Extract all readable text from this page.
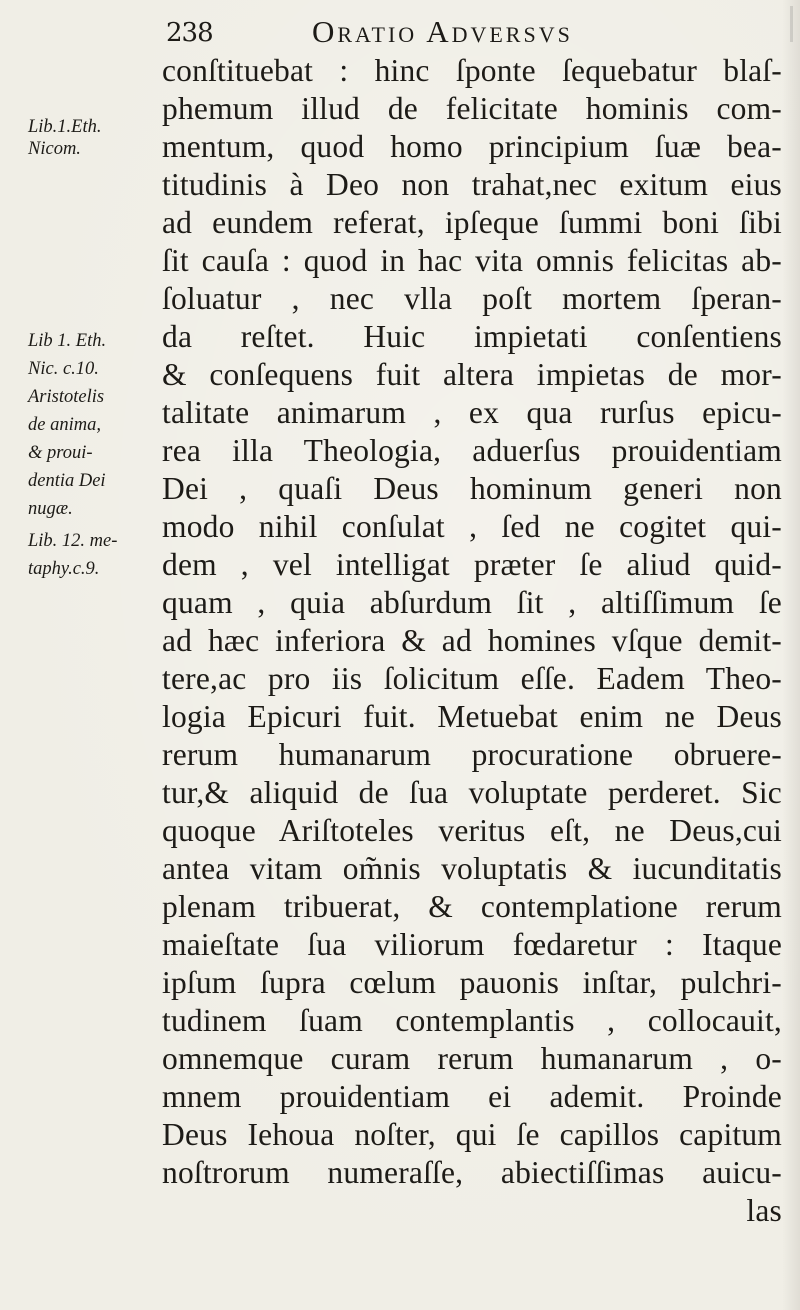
238	Oratio Adversvs
Lib.1.Eth.
Nicom.
Lib 1. Eth.
Nic. c.10.
Aristotelis
de anima,
& proui-
dentia Dei
nugæ.
Lib. 12. me-
taphy.c.9.
conſtituebat : hinc ſponte ſequebatur blaſ-
phemum illud de felicitate hominis com-
mentum, quod homo principium ſuæ bea-
titudinis à Deo non trahat,nec exitum eius
ad eundem referat, ipſeque ſummi boni ſibi
ſit cauſa : quod in hac vita omnis felicitas ab-
ſoluatur , nec vlla poſt mortem ſperan-
da reſtet. Huic impietati conſentiens
& conſequens fuit altera impietas de mor-
talitate animarum , ex qua rurſus epicu-
rea illa Theologia, aduerſus prouidentiam
Dei , quaſi Deus hominum generi non
modo nihil conſulat , ſed ne cogitet qui-
dem , vel intelligat præter ſe aliud quid-
quam , quia abſurdum ſit , altiſſimum ſe
ad hæc inferiora & ad homines vſque demit-
tere,ac pro iis ſolicitum eſſe. Eadem Theo-
logia Epicuri fuit. Metuebat enim ne Deus
rerum humanarum procuratione obruere-
tur,& aliquid de ſua voluptate perderet. Sic
quoque Ariſtoteles veritus eſt, ne Deus,cui
antea vitam om̃nis voluptatis & iucunditatis
plenam tribuerat, & contemplatione rerum
maieſtate ſua viliorum fœdaretur : Itaque
ipſum ſupra cœlum pauonis inſtar, pulchri-
tudinem ſuam contemplantis , collocauit,
omnemque curam rerum humanarum , o-
mnem prouidentiam ei ademit. Proinde
Deus Iehoua noſter, qui ſe capillos capitum
noſtrorum numeraſſe, abiectiſſimas auicu-
las
